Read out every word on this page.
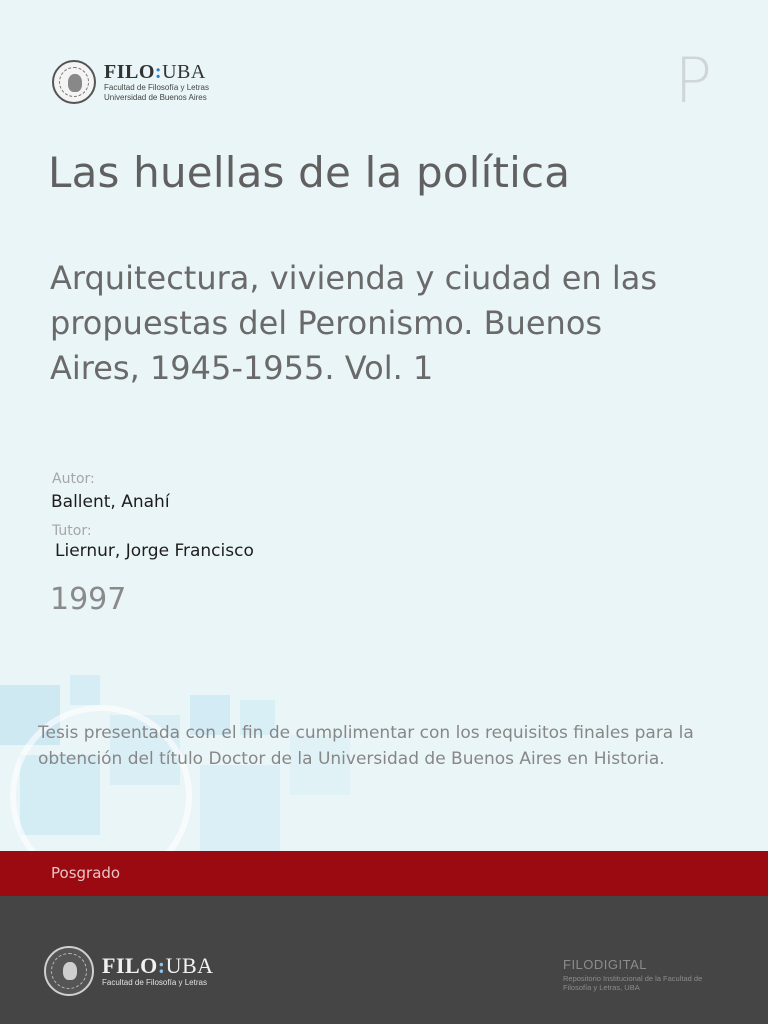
FILO:UBA
Facultad de Filosofía y Letras
Universidad de Buenos Aires	P
Las huellas de la política
Arquitectura, vivienda y ciudad en las propuestas del Peronismo. Buenos Aires, 1945-1955. Vol. 1
Autor:
Ballent, Anahí
Tutor:
Liernur, Jorge Francisco
1997
Tesis presentada con el fin de cumplimentar con los requisitos finales para la obtención del título Doctor de la Universidad de Buenos Aires en Historia.
Posgrado
FILO:UBA
Facultad de Filosofía y Letras
FILODIGITAL
Repositorio Institucional de la Facultad de Filosofía y Letras, UBA
